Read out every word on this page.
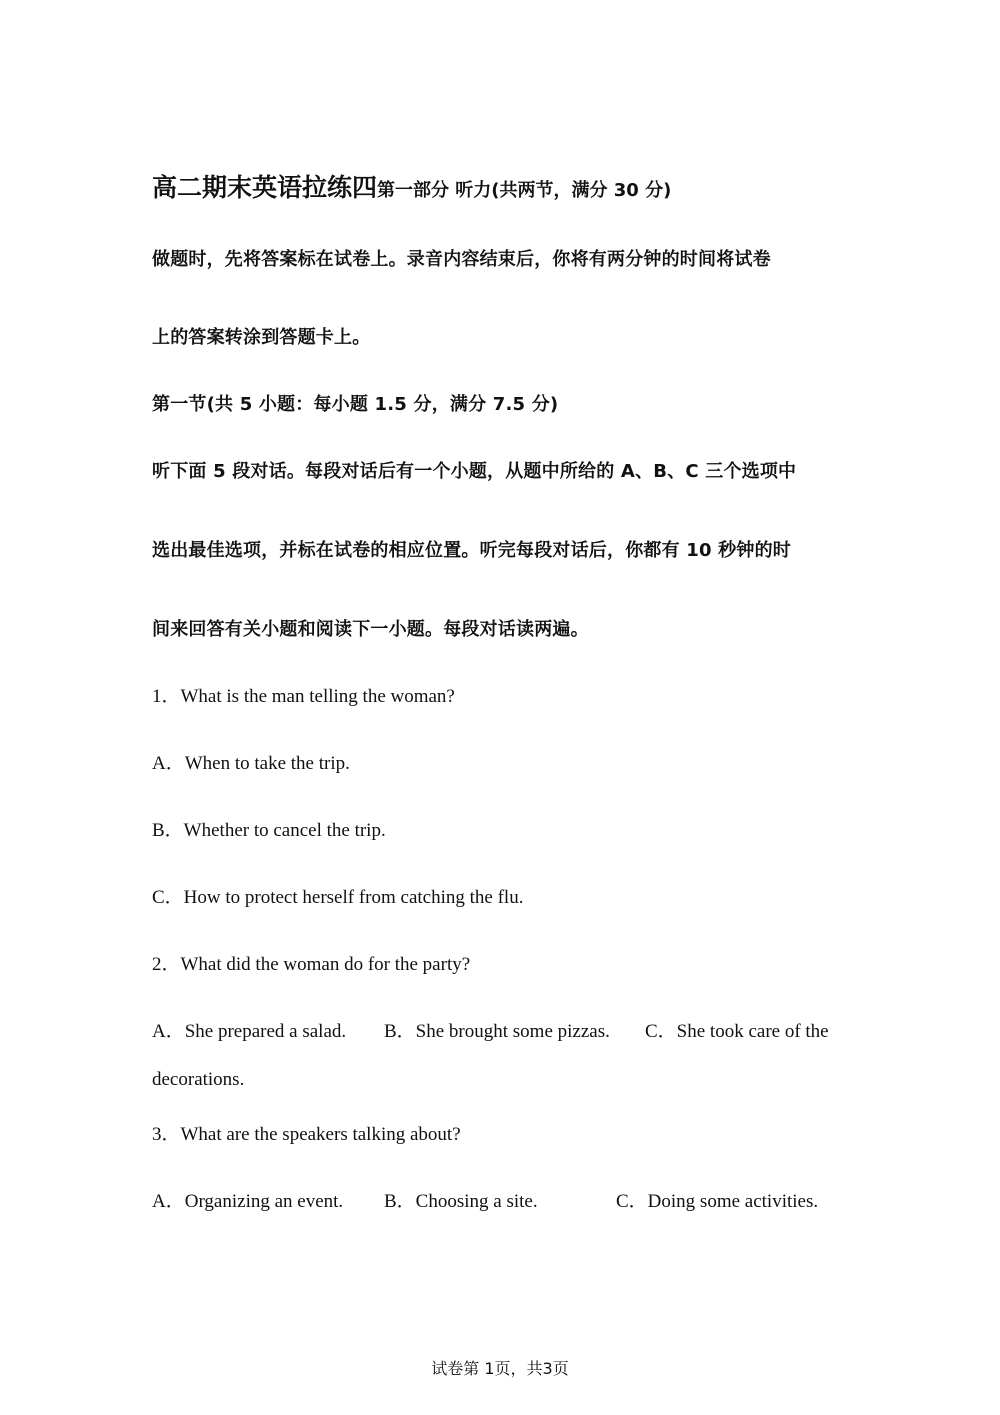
高二期末英语拉练四第一部分 听力(共两节，满分 30 分)
做题时，先将答案标在试卷上。录音内容结束后，你将有两分钟的时间将试卷
上的答案转涂到答题卡上。
第一节(共 5 小题：每小题 1.5 分，满分 7.5 分)
听下面 5 段对话。每段对话后有一个小题，从题中所给的 A、B、C 三个选项中
选出最佳选项，并标在试卷的相应位置。听完每段对话后，你都有 10 秒钟的时
间来回答有关小题和阅读下一小题。每段对话读两遍。
1．What is the man telling the woman?
A．When to take the trip.
B．Whether to cancel the trip.
C．How to protect herself from catching the flu.
2．What did the woman do for the party?
A．She prepared a salad. B．She brought some pizzas. C．She took care of the
decorations.
3．What are the speakers talking about?
A．Organizing an event. B．Choosing a site.	C．Doing some activities.
试卷第 1页，共3页
